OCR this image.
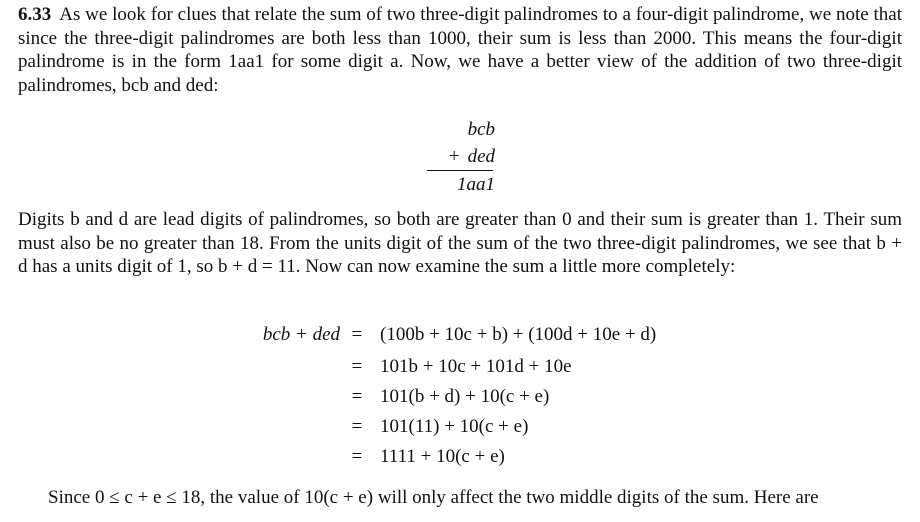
6.33 As we look for clues that relate the sum of two three-digit palindromes to a four-digit palindrome, we note that since the three-digit palindromes are both less than 1000, their sum is less than 2000. This means the four-digit palindrome is in the form 1aa1 for some digit a. Now, we have a better view of the addition of two three-digit palindromes, bcb and ded:

bcb
+ ded
1aa1

Digits b and d are lead digits of palindromes, so both are greater than 0 and their sum is greater than 1. Their sum must also be no greater than 18. From the units digit of the sum of the two three-digit palindromes, we see that b + d has a units digit of 1, so b + d = 11. Now can now examine the sum a little more completely:

bcb + ded = (100b + 10c + b) + (100d + 10e + d)
= 101b + 10c + 101d + 10e
= 101(b + d) + 10(c + e)
= 101(11) + 10(c + e)
= 1111 + 10(c + e)

Since 0 ≤ c + e ≤ 18, the value of 10(c + e) will only affect the two middle digits of the sum. Here are
